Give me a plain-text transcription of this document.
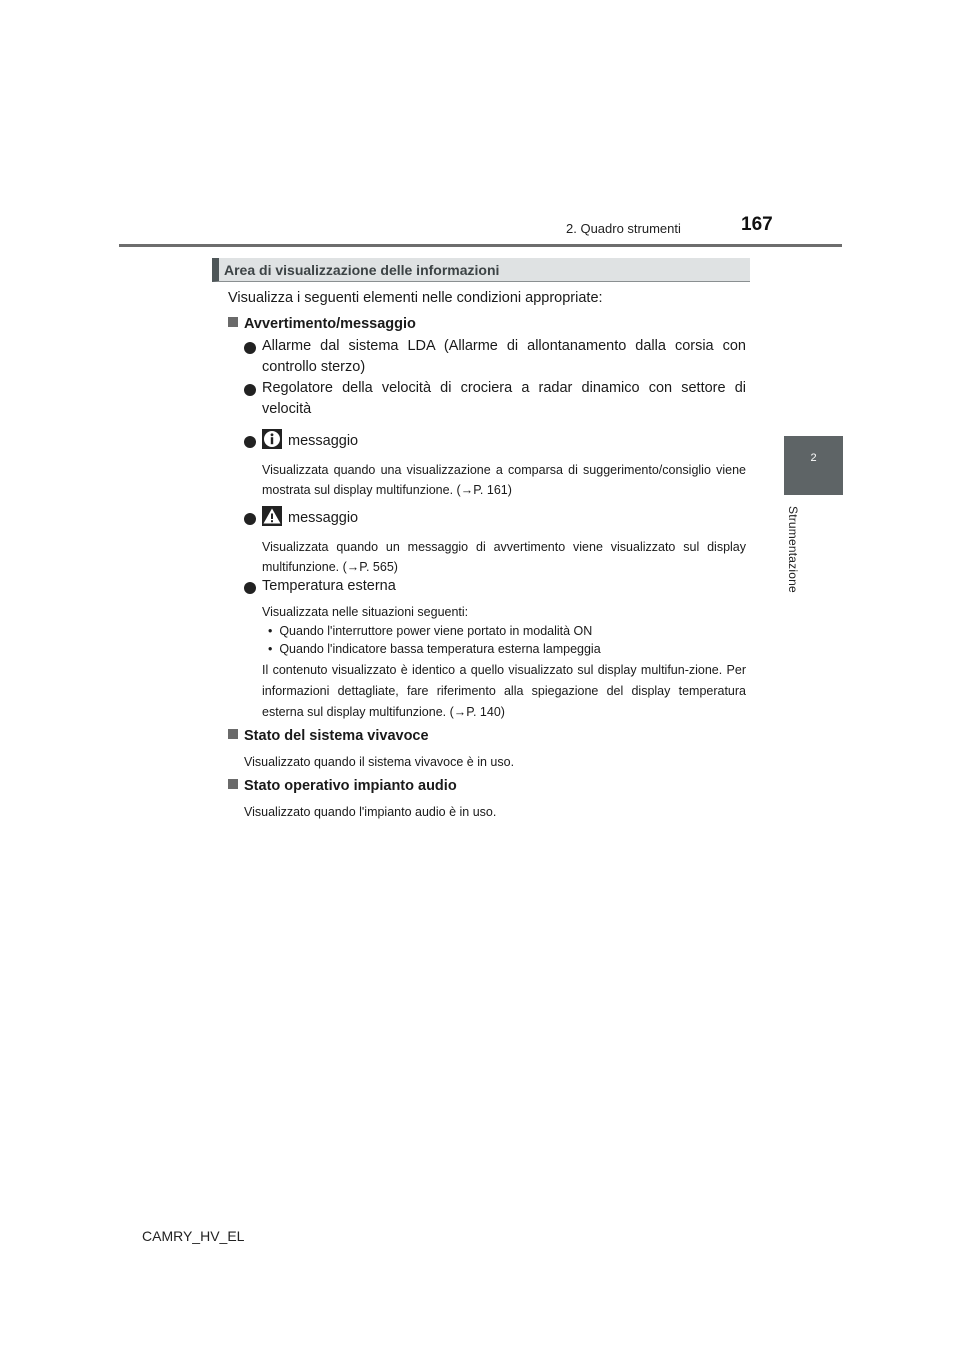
2. Quadro strumenti	167
2
Strumentazione
Area di visualizzazione delle informazioni
Visualizza i seguenti elementi nelle condizioni appropriate:
Avvertimento/messaggio
Allarme dal sistema LDA (Allarme di allontanamento dalla corsia con controllo sterzo)
Regolatore della velocità di crociera a radar dinamico con settore di velocità
messaggio
Visualizzata quando una visualizzazione a comparsa di suggerimento/consiglio viene mostrata sul display multifunzione. (→P. 161)
messaggio
Visualizzata quando un messaggio di avvertimento viene visualizzato sul display multifunzione. (→P. 565)
Temperatura esterna
Visualizzata nelle situazioni seguenti:
•  Quando l'interruttore power viene portato in modalità ON
•  Quando l'indicatore bassa temperatura esterna lampeggia
Il contenuto visualizzato è identico a quello visualizzato sul display multifun-zione. Per informazioni dettagliate, fare riferimento alla spiegazione del display temperatura esterna sul display multifunzione. (→P. 140)
Stato del sistema vivavoce
Visualizzato quando il sistema vivavoce è in uso.
Stato operativo impianto audio
Visualizzato quando l'impianto audio è in uso.
CAMRY_HV_EL
